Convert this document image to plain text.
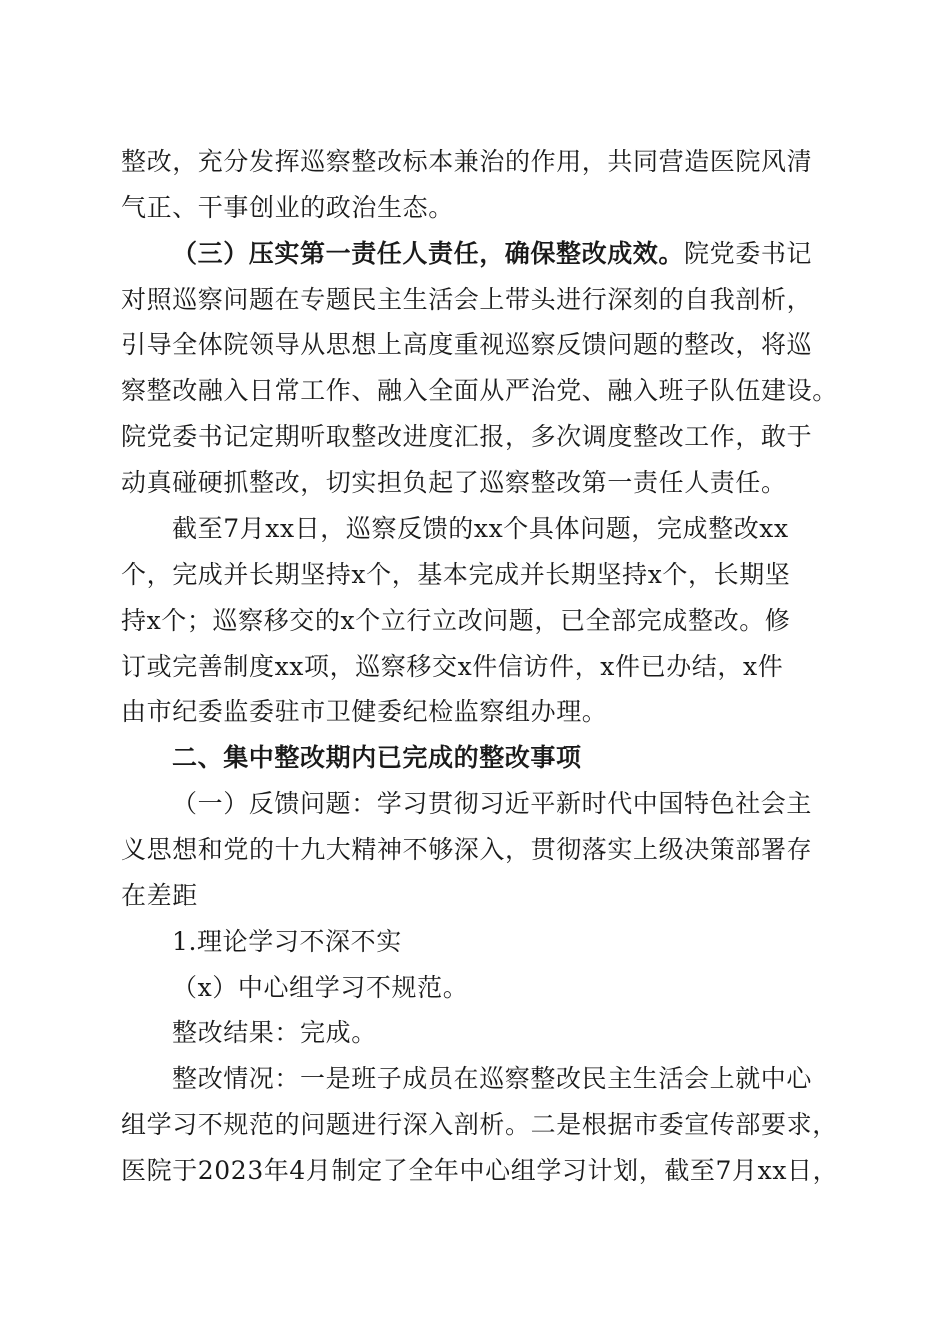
整改，充分发挥巡察整改标本兼治的作用，共同营造医院风清
气正、干事创业的政治生态。
（三）压实第一责任人责任，确保整改成效。院党委书记
对照巡察问题在专题民主生活会上带头进行深刻的自我剖析，
引导全体院领导从思想上高度重视巡察反馈问题的整改，将巡
察整改融入日常工作、融入全面从严治党、融入班子队伍建设。
院党委书记定期听取整改进度汇报，多次调度整改工作，敢于
动真碰硬抓整改，切实担负起了巡察整改第一责任人责任。
截至7月xx日，巡察反馈的xx个具体问题，完成整改xx
个，完成并长期坚持x个，基本完成并长期坚持x个，长期坚
持x个；巡察移交的x个立行立改问题，已全部完成整改。修
订或完善制度xx项，巡察移交x件信访件，x件已办结，x件
由市纪委监委驻市卫健委纪检监察组办理。
二、集中整改期内已完成的整改事项
（一）反馈问题：学习贯彻习近平新时代中国特色社会主
义思想和党的十九大精神不够深入，贯彻落实上级决策部署存
在差距
1.理论学习不深不实
（x）中心组学习不规范。
整改结果：完成。
整改情况：一是班子成员在巡察整改民主生活会上就中心
组学习不规范的问题进行深入剖析。二是根据市委宣传部要求，
医院于2023年4月制定了全年中心组学习计划，截至7月xx日，
